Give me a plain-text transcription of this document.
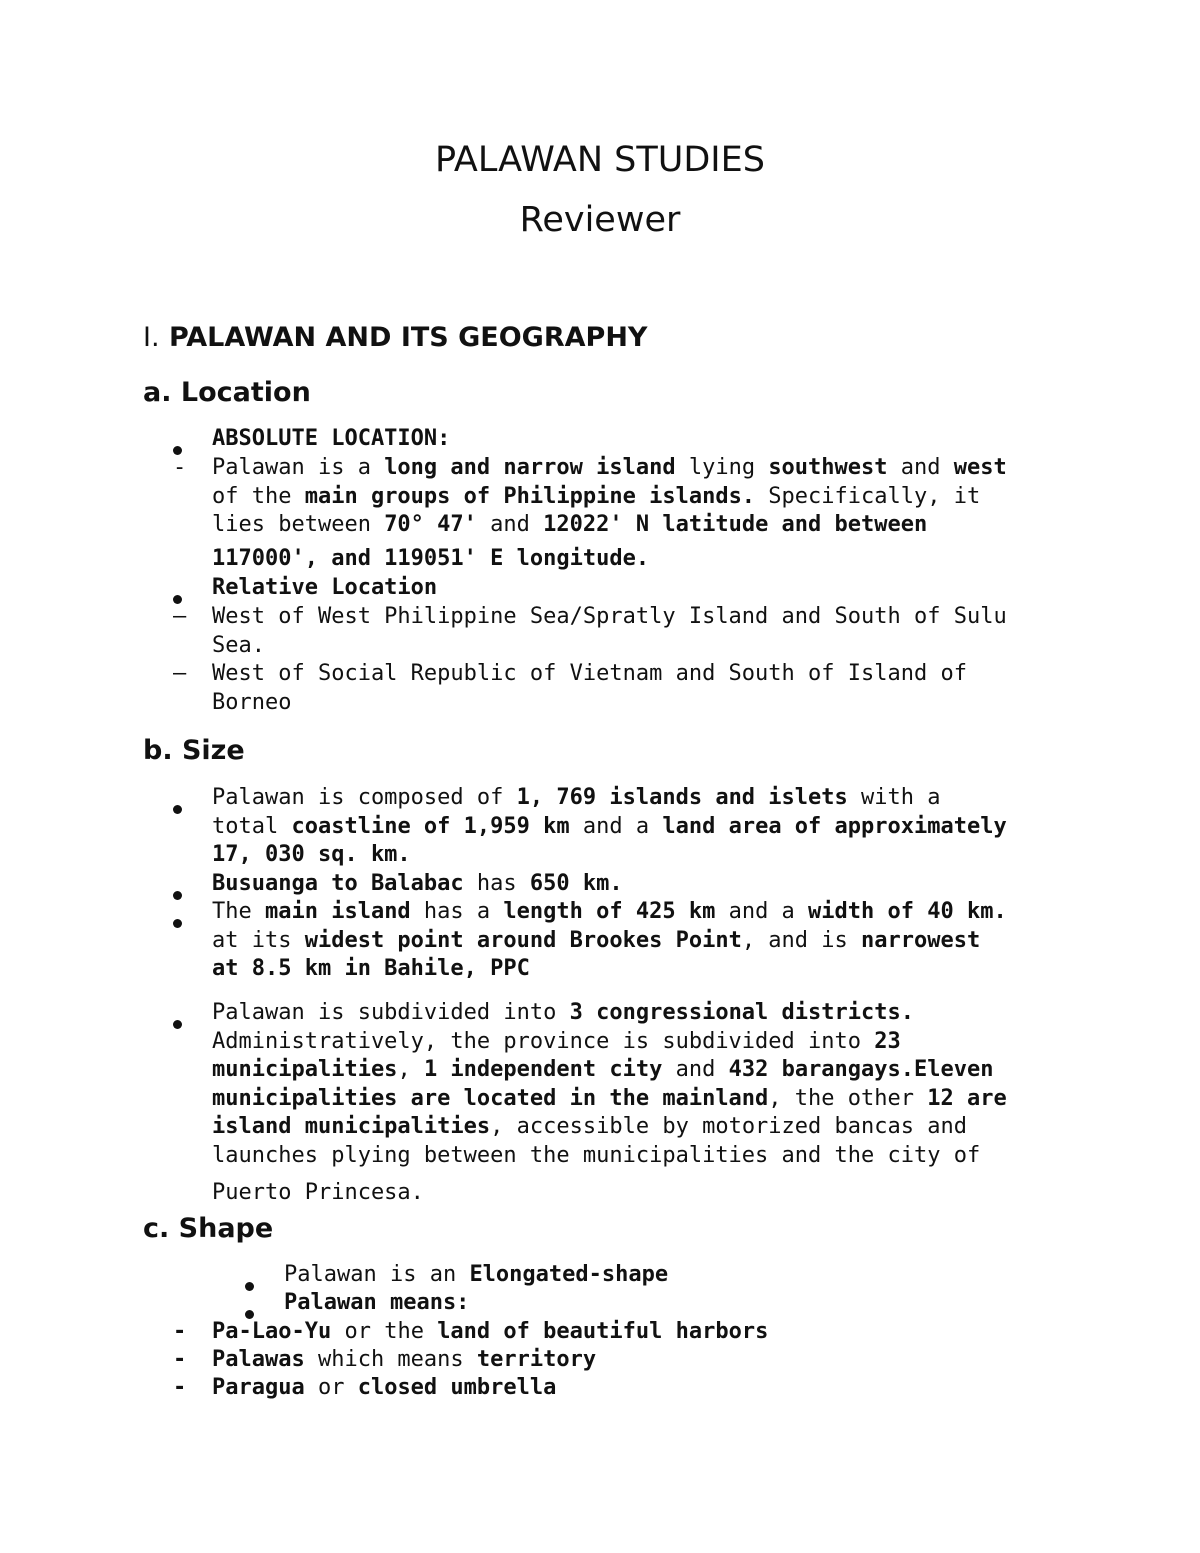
PALAWAN STUDIES
Reviewer
I. PALAWAN AND ITS GEOGRAPHY
a. Location
ABSOLUTE LOCATION:
- Palawan is a long and narrow island lying southwest and west
of the main groups of Philippine islands. Specifically, it
lies between 70° 47' and 12022' N latitude and between
117000', and 119051' E longitude.
Relative Location
– West of West Philippine Sea/Spratly Island and South of Sulu
Sea.
– West of Social Republic of Vietnam and South of Island of
Borneo
b. Size
Palawan is composed of 1, 769 islands and islets with a
total coastline of 1,959 km and a land area of approximately
17, 030 sq. km.
Busuanga to Balabac has 650 km.
The main island has a length of 425 km and a width of 40 km.
at its widest point around Brookes Point, and is narrowest
at 8.5 km in Bahile, PPC
Palawan is subdivided into 3 congressional districts.
Administratively, the province is subdivided into 23
municipalities, 1 independent city and 432 barangays.Eleven
municipalities are located in the mainland, the other 12 are
island municipalities, accessible by motorized bancas and
launches plying between the municipalities and the city of
Puerto Princesa.
c. Shape
Palawan is an Elongated-shape
Palawan means:
- Pa-Lao-Yu or the land of beautiful harbors
- Palawas which means territory
- Paragua or closed umbrella
